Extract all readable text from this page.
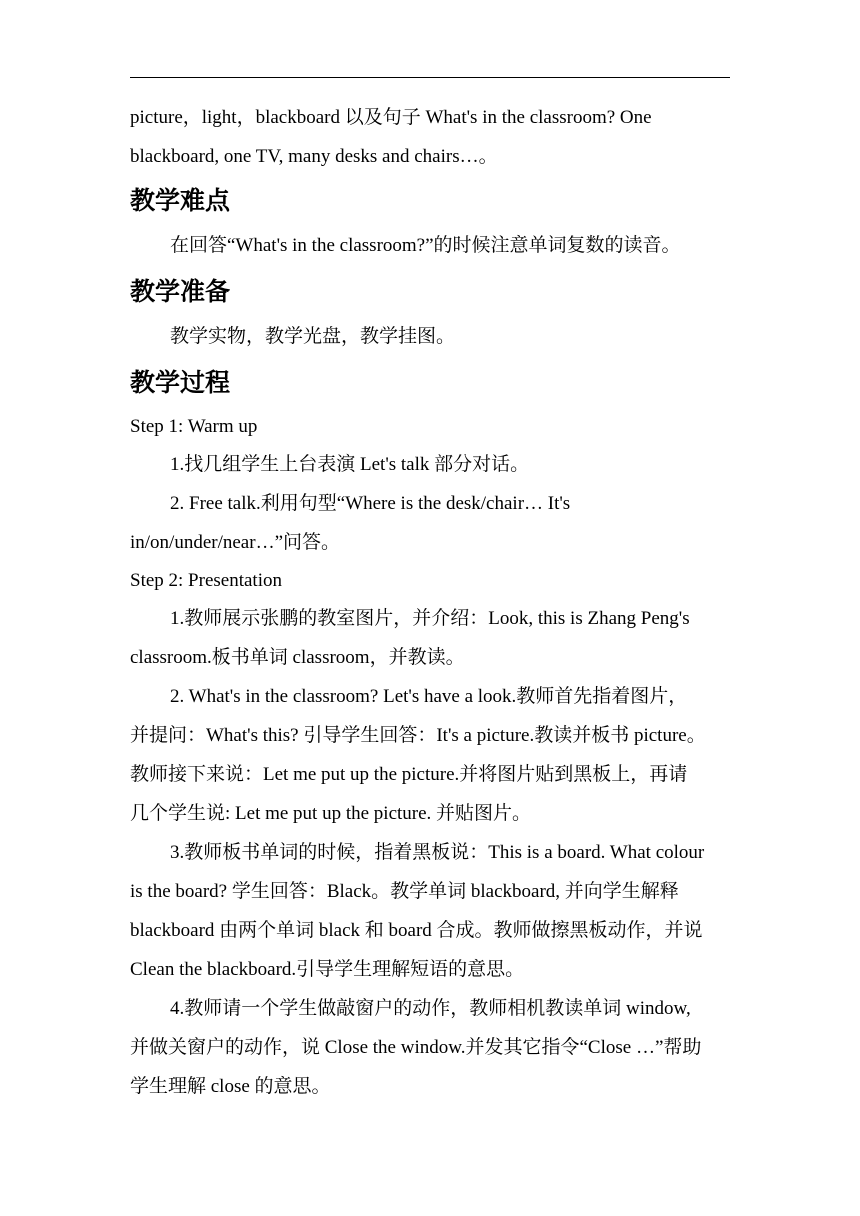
picture，light，blackboard 以及句子 What's in the classroom? One

blackboard, one TV, many desks and chairs…。

教学难点

在回答“What's in the classroom?”的时候注意单词复数的读音。

教学准备

教学实物，教学光盘，教学挂图。

教学过程

Step 1: Warm up

1.找几组学生上台表演 Let's talk 部分对话。

2. Free talk.利用句型“Where is the desk/chair… It's

in/on/under/near…”问答。

Step 2: Presentation

1.教师展示张鹏的教室图片，并介绍：Look, this is Zhang Peng's

classroom.板书单词 classroom，并教读。

2. What's in the classroom? Let's have a look.教师首先指着图片，

并提问：What's this? 引导学生回答：It's a picture.教读并板书 picture。

教师接下来说：Let me put up the picture.并将图片贴到黑板上，再请

几个学生说: Let me put up the picture. 并贴图片。

3.教师板书单词的时候，指着黑板说：This is a board. What colour

is the board? 学生回答：Black。教学单词 blackboard, 并向学生解释

blackboard 由两个单词 black 和 board 合成。教师做擦黑板动作，并说

Clean the blackboard.引导学生理解短语的意思。

4.教师请一个学生做敲窗户的动作，教师相机教读单词 window,

并做关窗户的动作，说 Close the window.并发其它指令“Close …”帮助

学生理解 close 的意思。
